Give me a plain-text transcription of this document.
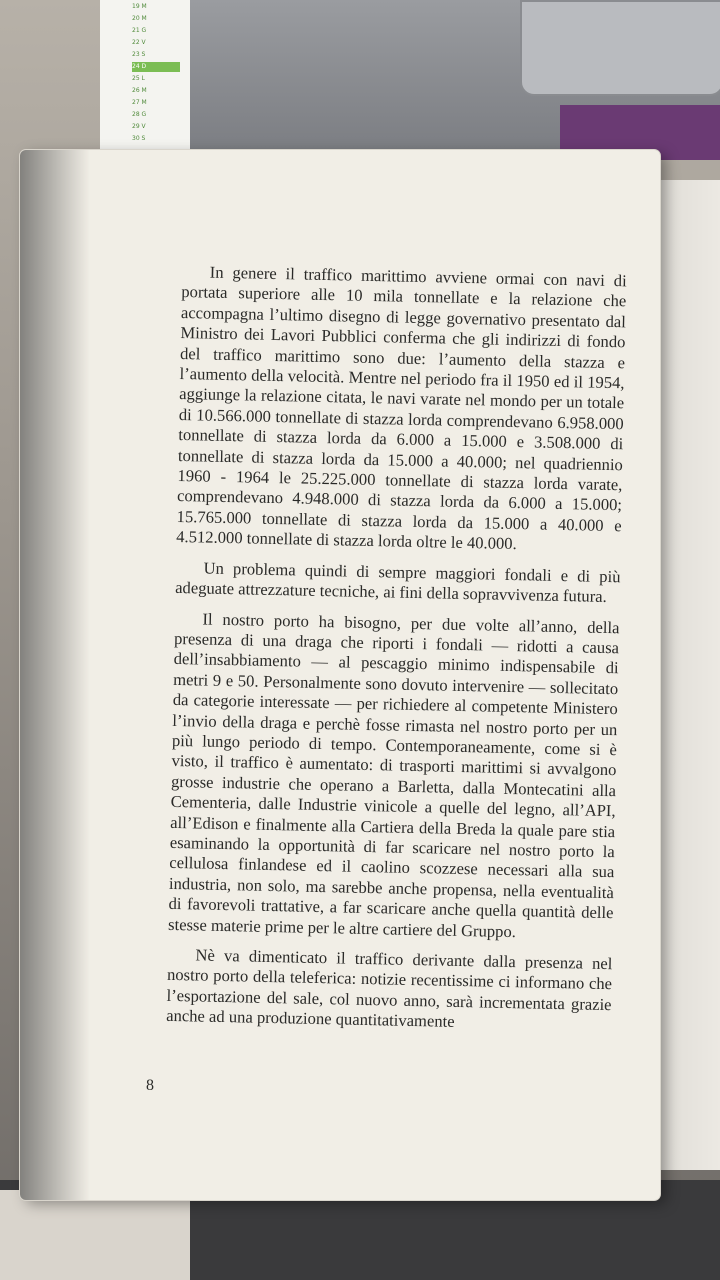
19 M
20 M
21 G
22 V
23 S
24 D
25 L
26 M
27 M
28 G
29 V
30 S

In genere il traffico marittimo avviene ormai con navi di portata superiore alle 10 mila tonnellate e la relazione che accompagna l’ultimo disegno di legge governativo presentato dal Ministro dei Lavori Pubblici conferma che gli indirizzi di fondo del traffico marittimo sono due: l’aumento della stazza e l’aumento della velocità. Mentre nel periodo fra il 1950 ed il 1954, aggiunge la relazione citata, le navi varate nel mondo per un totale di 10.566.000 tonnellate di stazza lorda comprendevano 6.958.000 tonnellate di stazza lorda da 6.000 a 15.000 e 3.508.000 di tonnellate di stazza lorda da 15.000 a 40.000; nel quadriennio 1960 - 1964 le 25.225.000 tonnellate di stazza lorda varate, comprendevano 4.948.000 di stazza lorda da 6.000 a 15.000; 15.765.000 tonnellate di stazza lorda da 15.000 a 40.000 e 4.512.000 tonnellate di stazza lorda oltre le 40.000.

Un problema quindi di sempre maggiori fondali e di più adeguate attrezzature tecniche, ai fini della sopravvivenza futura.

Il nostro porto ha bisogno, per due volte all’anno, della presenza di una draga che riporti i fondali — ridotti a causa dell’insabbiamento — al pescaggio minimo indispensabile di metri 9 e 50. Personalmente sono dovuto intervenire — sollecitato da categorie interessate — per richiedere al competente Ministero l’invio della draga e perchè fosse rimasta nel nostro porto per un più lungo periodo di tempo. Contemporaneamente, come si è visto, il traffico è aumentato: di trasporti marittimi si avvalgono grosse industrie che operano a Barletta, dalla Montecatini alla Cementeria, dalle Industrie vinicole a quelle del legno, all’API, all’Edison e finalmente alla Cartiera della Breda la quale pare stia esaminando la opportunità di far scaricare nel nostro porto la cellulosa finlandese ed il caolino scozzese necessari alla sua industria, non solo, ma sarebbe anche propensa, nella eventualità di favorevoli trattative, a far scaricare anche quella quantità delle stesse materie prime per le altre cartiere del Gruppo.

Nè va dimenticato il traffico derivante dalla presenza nel nostro porto della teleferica: notizie recentissime ci informano che l’esportazione del sale, col nuovo anno, sarà incrementata grazie anche ad una produzione quantitativamente

8
